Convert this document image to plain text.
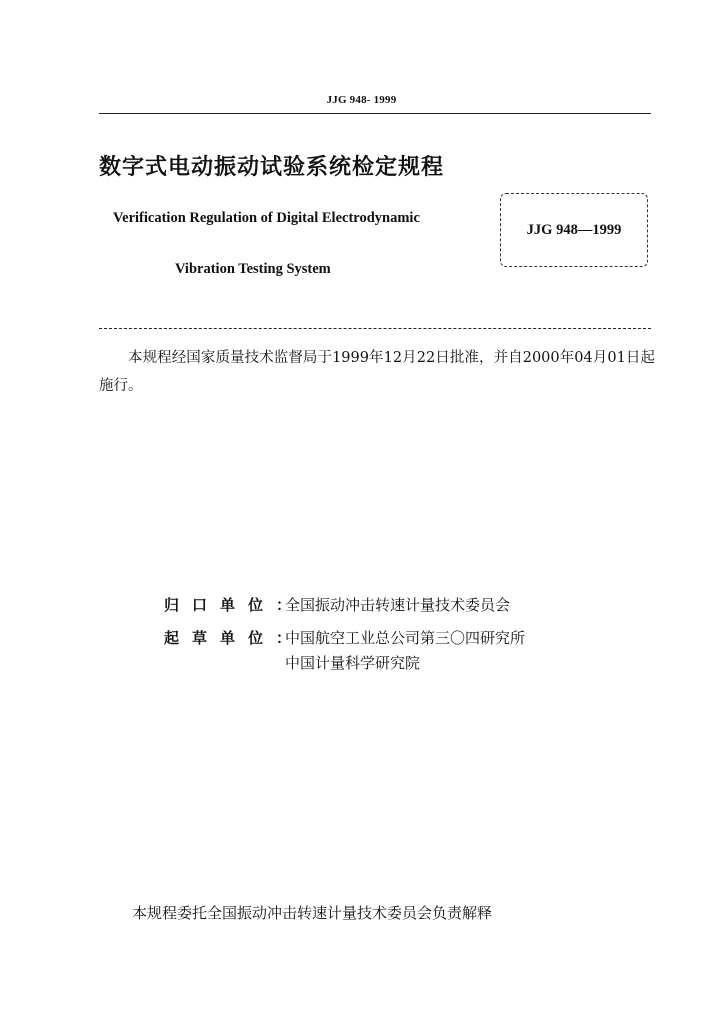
JJG 948- 1999
数字式电动振动试验系统检定规程
Verification Regulation of Digital Electrodynamic
Vibration Testing System
JJG 948—1999
本规程经国家质量技术监督局于1999年12月22日批准，并自2000年04月01日起施行。
归口单位：
全国振动冲击转速计量技术委员会
起草单位：
中国航空工业总公司第三〇四研究所
中国计量科学研究院
本规程委托全国振动冲击转速计量技术委员会负责解释
